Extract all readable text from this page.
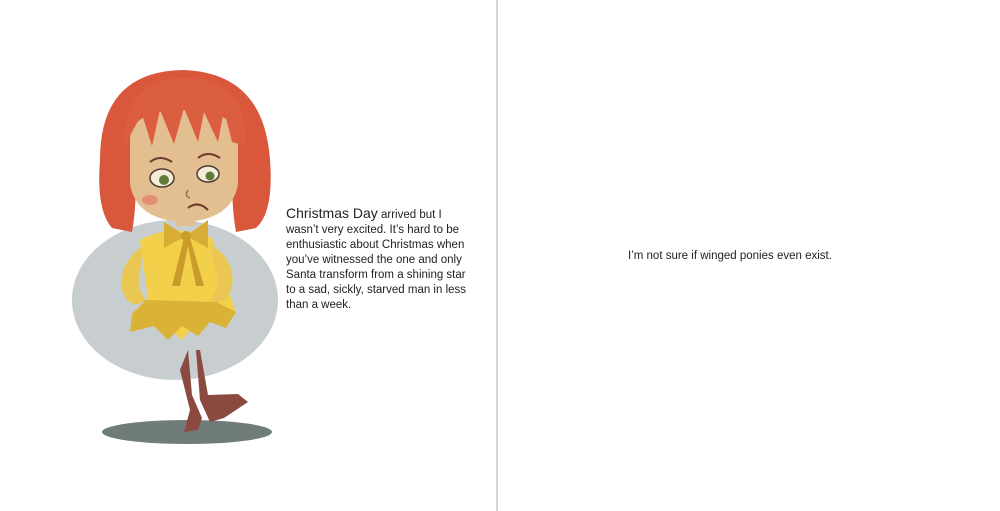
Christmas Day arrived but I wasn’t very excited. It’s hard to be enthusiastic about Christmas when you’ve witnessed the one and only Santa transform from a shining star to a sad, sickly, starved man in less than a week.
I’m not sure if winged ponies even exist.
